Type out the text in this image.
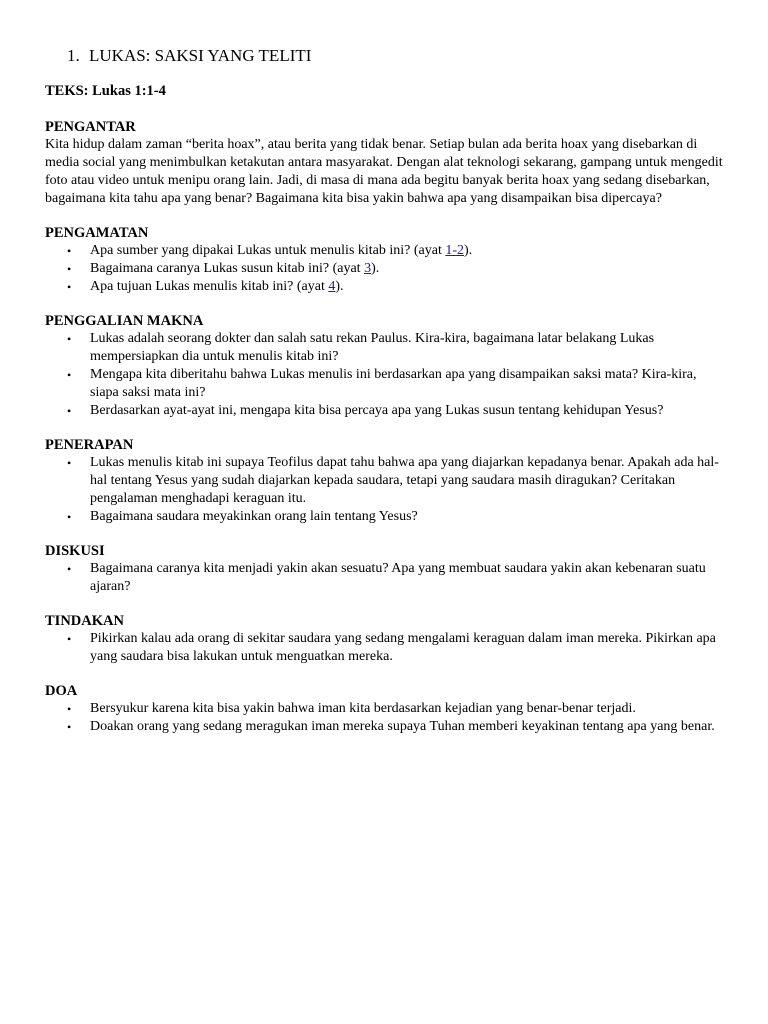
1. LUKAS: SAKSI YANG TELITI

TEKS: Lukas 1:1-4

PENGANTAR

Kita hidup dalam zaman “berita hoax”, atau berita yang tidak benar. Setiap bulan ada berita hoax yang disebarkan di media social yang menimbulkan ketakutan antara masyarakat. Dengan alat teknologi sekarang, gampang untuk mengedit foto atau video untuk menipu orang lain. Jadi, di masa di mana ada begitu banyak berita hoax yang sedang disebarkan, bagaimana kita tahu apa yang benar? Bagaimana kita bisa yakin bahwa apa yang disampaikan bisa dipercaya?

PENGAMATAN

• Apa sumber yang dipakai Lukas untuk menulis kitab ini? (ayat 1-2).
• Bagaimana caranya Lukas susun kitab ini? (ayat 3).
• Apa tujuan Lukas menulis kitab ini? (ayat 4).

PENGGALIAN MAKNA

• Lukas adalah seorang dokter dan salah satu rekan Paulus. Kira-kira, bagaimana latar belakang Lukas mempersiapkan dia untuk menulis kitab ini?
• Mengapa kita diberitahu bahwa Lukas menulis ini berdasarkan apa yang disampaikan saksi mata? Kira-kira, siapa saksi mata ini?
• Berdasarkan ayat-ayat ini, mengapa kita bisa percaya apa yang Lukas susun tentang kehidupan Yesus?

PENERAPAN

• Lukas menulis kitab ini supaya Teofilus dapat tahu bahwa apa yang diajarkan kepadanya benar. Apakah ada hal-hal tentang Yesus yang sudah diajarkan kepada saudara, tetapi yang saudara masih diragukan? Ceritakan pengalaman menghadapi keraguan itu.
• Bagaimana saudara meyakinkan orang lain tentang Yesus?

DISKUSI

• Bagaimana caranya kita menjadi yakin akan sesuatu? Apa yang membuat saudara yakin akan kebenaran suatu ajaran?

TINDAKAN

• Pikirkan kalau ada orang di sekitar saudara yang sedang mengalami keraguan dalam iman mereka. Pikirkan apa yang saudara bisa lakukan untuk menguatkan mereka.

DOA

• Bersyukur karena kita bisa yakin bahwa iman kita berdasarkan kejadian yang benar-benar terjadi.
• Doakan orang yang sedang meragukan iman mereka supaya Tuhan memberi keyakinan tentang apa yang benar.
